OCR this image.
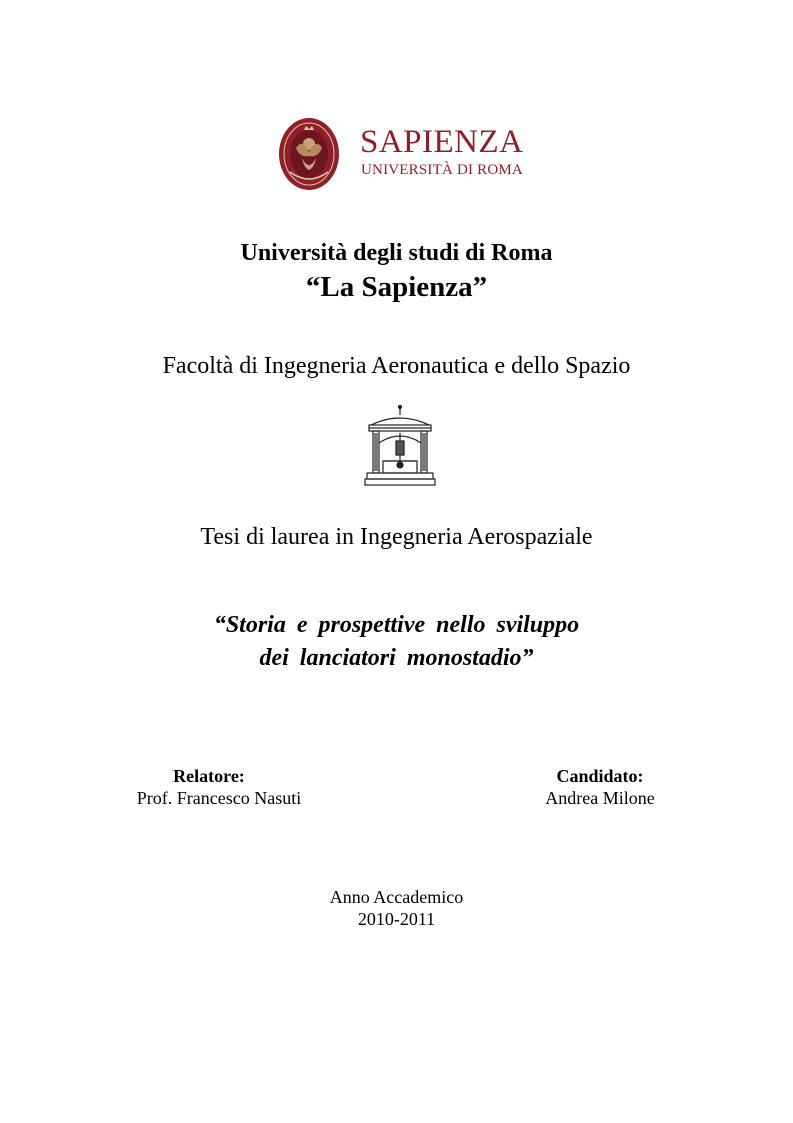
SAPIENZA
UNIVERSITÀ DI ROMA
Università degli studi di Roma
“La Sapienza”
Facoltà di Ingegneria Aeronautica e dello Spazio
Tesi di laurea in Ingegneria Aerospaziale
“Storia e prospettive nello sviluppo
dei lanciatori monostadio”
Relatore:
Prof. Francesco Nasuti
Candidato:
Andrea Milone
Anno Accademico
2010-2011
